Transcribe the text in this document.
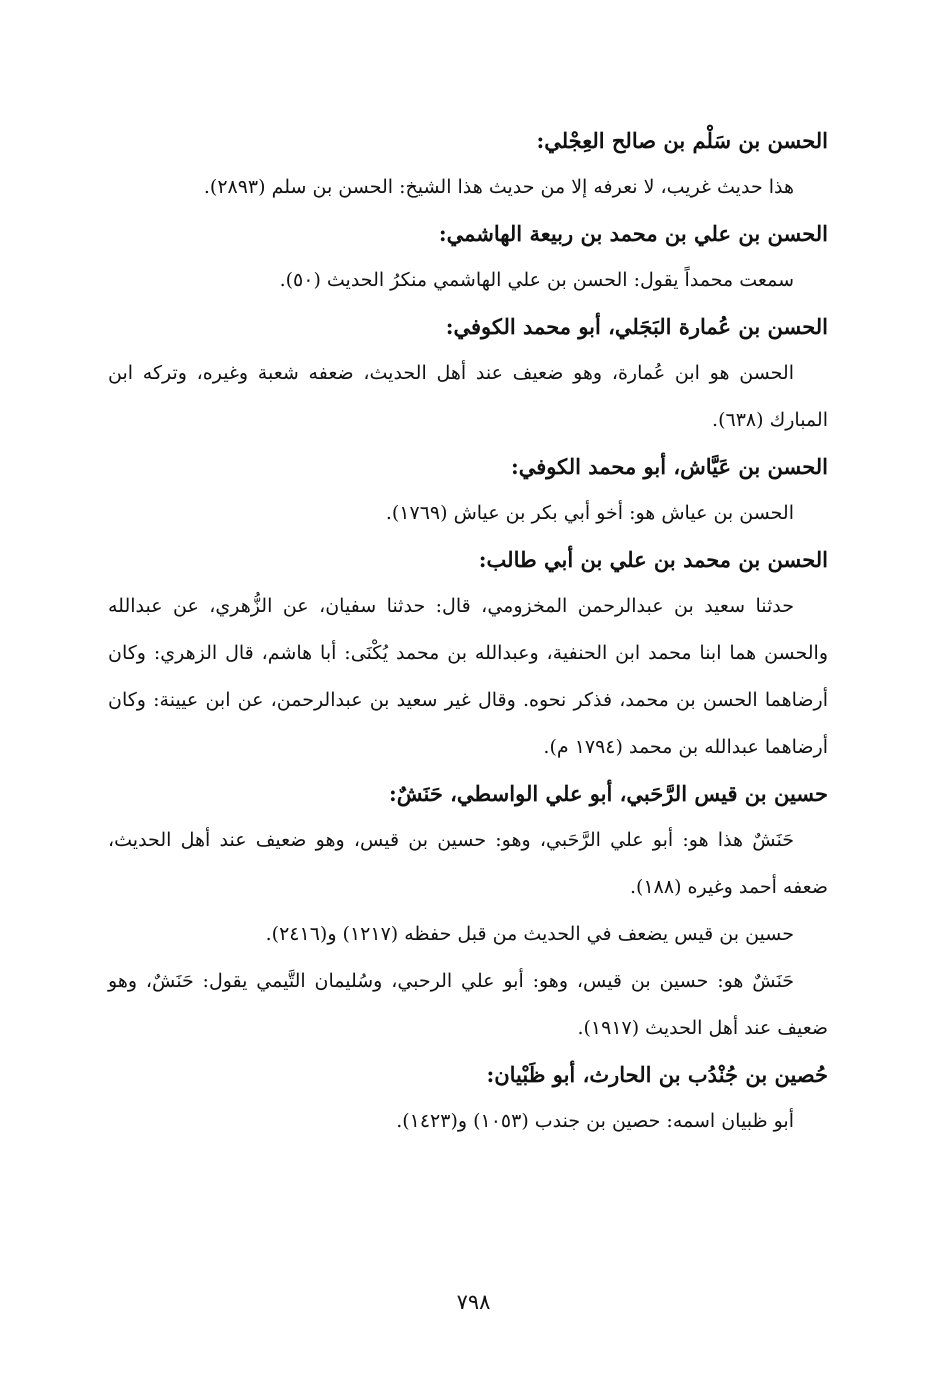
الحسن بن سَلْم بن صالح العِجْلي:

هذا حديث غريب، لا نعرفه إلا من حديث هذا الشيخ: الحسن بن سلم (٢٨٩٣).

الحسن بن علي بن محمد بن ربيعة الهاشمي:

سمعت محمداً يقول: الحسن بن علي الهاشمي منكرُ الحديث (٥٠).

الحسن بن عُمارة البَجَلي، أبو محمد الكوفي:

الحسن هو ابن عُمارة، وهو ضعيف عند أهل الحديث، ضعفه شعبة وغيره، وتركه ابن المبارك (٦٣٨).

الحسن بن عَيَّاش، أبو محمد الكوفي:

الحسن بن عياش هو: أخو أبي بكر بن عياش (١٧٦٩).

الحسن بن محمد بن علي بن أبي طالب:

حدثنا سعيد بن عبدالرحمن المخزومي، قال: حدثنا سفيان، عن الزُّهري، عن عبدالله والحسن هما ابنا محمد ابن الحنفية، وعبدالله بن محمد يُكْنَى: أبا هاشم، قال الزهري: وكان أرضاهما الحسن بن محمد، فذكر نحوه. وقال غير سعيد بن عبدالرحمن، عن ابن عيينة: وكان أرضاهما عبدالله بن محمد (١٧٩٤ م).

حسين بن قيس الرَّحَبي، أبو علي الواسطي، حَنَشٌ:

حَنَشٌ هذا هو: أبو علي الرَّحَبي، وهو: حسين بن قيس، وهو ضعيف عند أهل الحديث، ضعفه أحمد وغيره (١٨٨).

حسين بن قيس يضعف في الحديث من قبل حفظه (١٢١٧) و(٢٤١٦).

حَنَشٌ هو: حسين بن قيس، وهو: أبو علي الرحبي، وسُليمان التَّيمي يقول: حَنَشٌ، وهو ضعيف عند أهل الحديث (١٩١٧).

حُصين بن جُنْدُب بن الحارث، أبو ظَبْيان:

أبو ظبيان اسمه: حصين بن جندب (١٠٥٣) و(١٤٢٣).

٧٩٨
